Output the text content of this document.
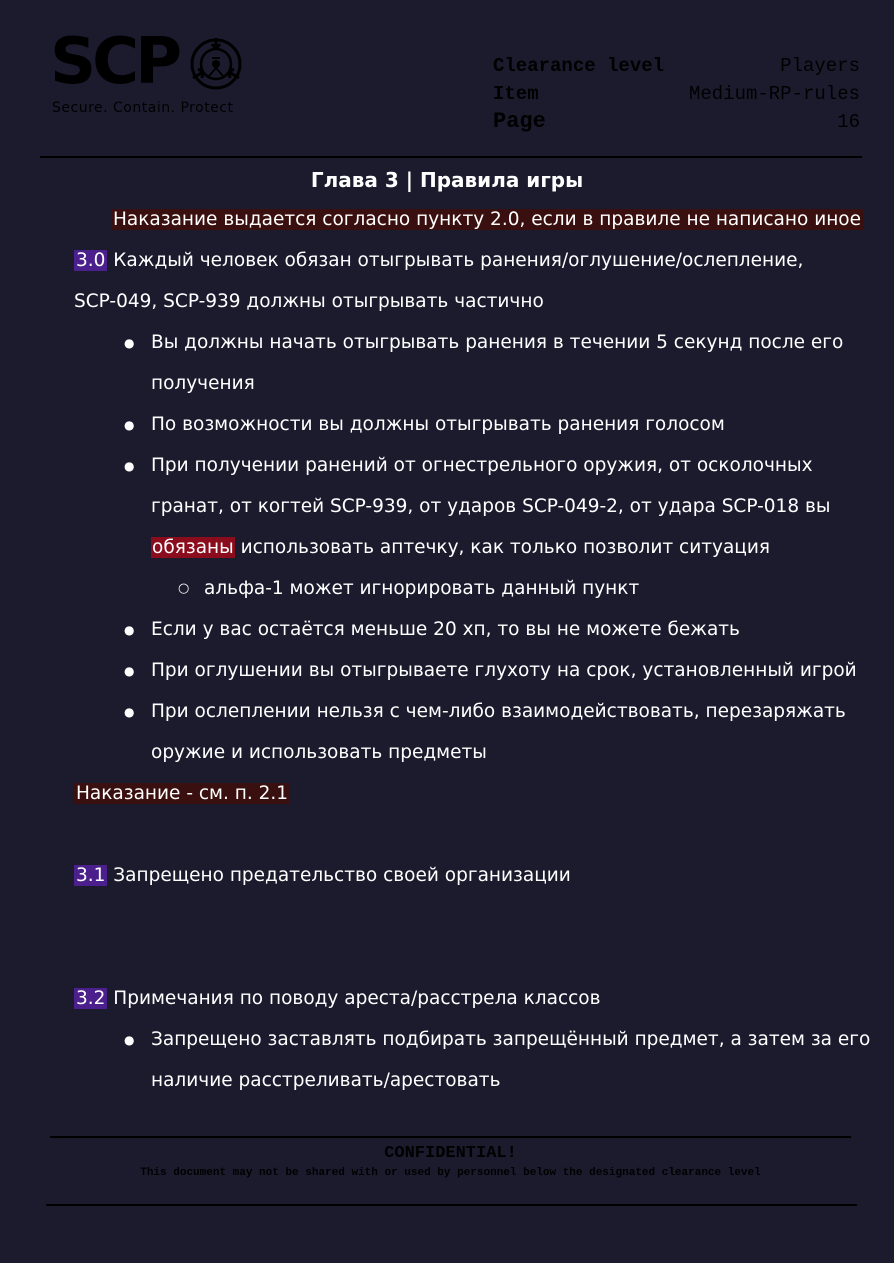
SCP
Secure. Contain. Protect
Clearance level	Players
Item	Medium-RP-rules
Page	16
Глава 3 | Правила игры
Наказание выдается согласно пункту 2.0, если в правиле не написано иное
3.0 Каждый человек обязан отыгрывать ранения/оглушение/ослепление,
SCP-049, SCP-939 должны отыгрывать частично
● Вы должны начать отыгрывать ранения в течении 5 секунд после его
получения
● По возможности вы должны отыгрывать ранения голосом
● При получении ранений от огнестрельного оружия, от осколочных
гранат, от когтей SCP-939, от ударов SCP-049-2, от удара SCP-018 вы
обязаны использовать аптечку, как только позволит ситуация
○ альфа-1 может игнорировать данный пункт
● Если у вас остаётся меньше 20 хп, то вы не можете бежать
● При оглушении вы отыгрываете глухоту на срок, установленный игрой
● При ослеплении нельзя с чем-либо взаимодействовать, перезаряжать
оружие и использовать предметы
Наказание - см. п. 2.1
3.1 Запрещено предательство своей организации
3.2 Примечания по поводу ареста/расстрела классов
● Запрещено заставлять подбирать запрещённый предмет, а затем за его
наличие расстреливать/арестовать
CONFIDENTIAL!
This document may not be shared with or used by personnel below the designated clearance level
